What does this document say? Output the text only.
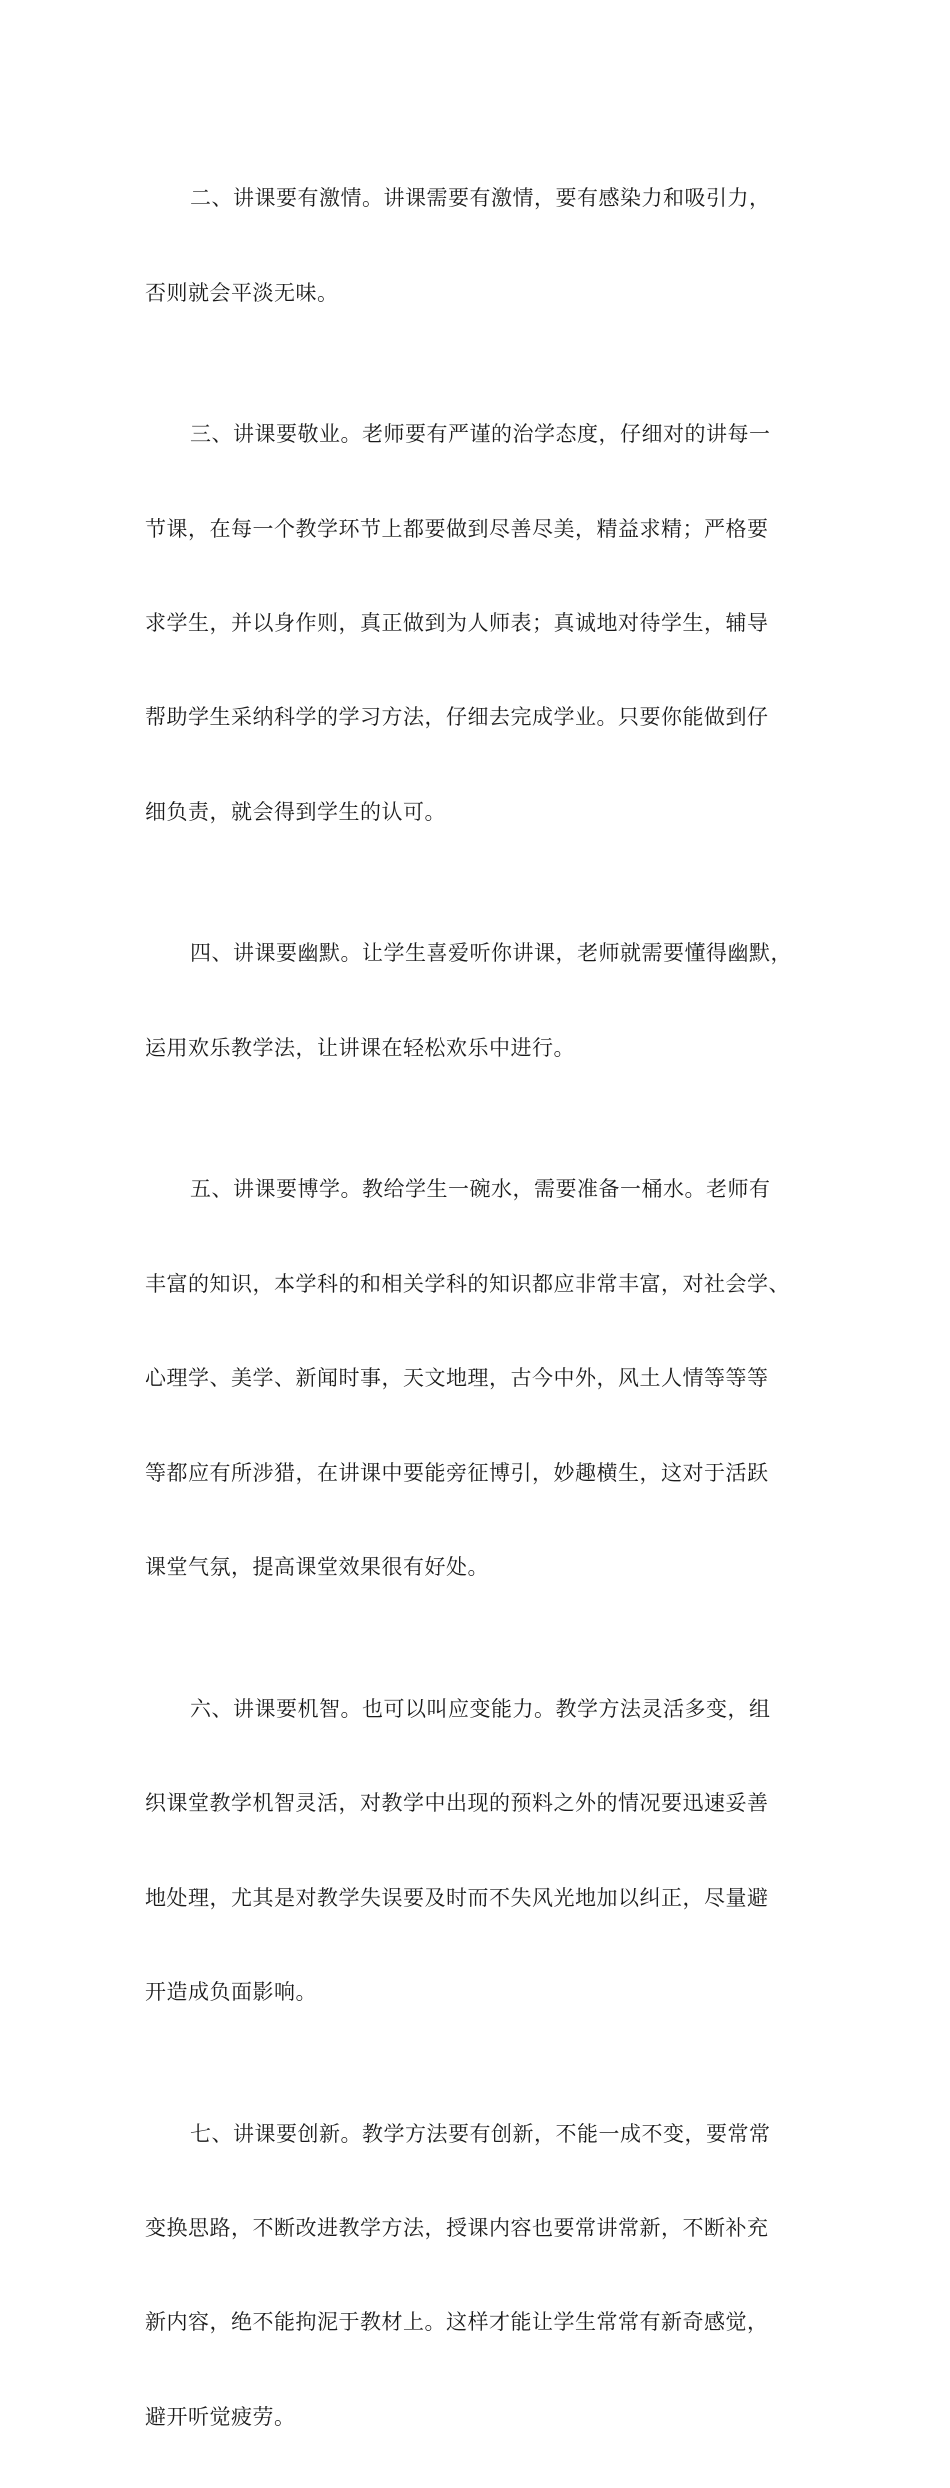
二、讲课要有激情。讲课需要有激情，要有感染力和吸引力，

否则就会平淡无味。

三、讲课要敬业。老师要有严谨的治学态度，仔细对的讲每一

节课，在每一个教学环节上都要做到尽善尽美，精益求精；严格要

求学生，并以身作则，真正做到为人师表；真诚地对待学生，辅导

帮助学生采纳科学的学习方法，仔细去完成学业。只要你能做到仔

细负责，就会得到学生的认可。

四、讲课要幽默。让学生喜爱听你讲课，老师就需要懂得幽默，

运用欢乐教学法，让讲课在轻松欢乐中进行。

五、讲课要博学。教给学生一碗水，需要准备一桶水。老师有

丰富的知识，本学科的和相关学科的知识都应非常丰富，对社会学、

心理学、美学、新闻时事，天文地理，古今中外，风土人情等等等

等都应有所涉猎，在讲课中要能旁征博引，妙趣横生，这对于活跃

课堂气氛，提高课堂效果很有好处。

六、讲课要机智。也可以叫应变能力。教学方法灵活多变，组

织课堂教学机智灵活，对教学中出现的预料之外的情况要迅速妥善

地处理，尤其是对教学失误要及时而不失风光地加以纠正，尽量避

开造成负面影响。

七、讲课要创新。教学方法要有创新，不能一成不变，要常常

变换思路，不断改进教学方法，授课内容也要常讲常新，不断补充

新内容，绝不能拘泥于教材上。这样才能让学生常常有新奇感觉，

避开听觉疲劳。
